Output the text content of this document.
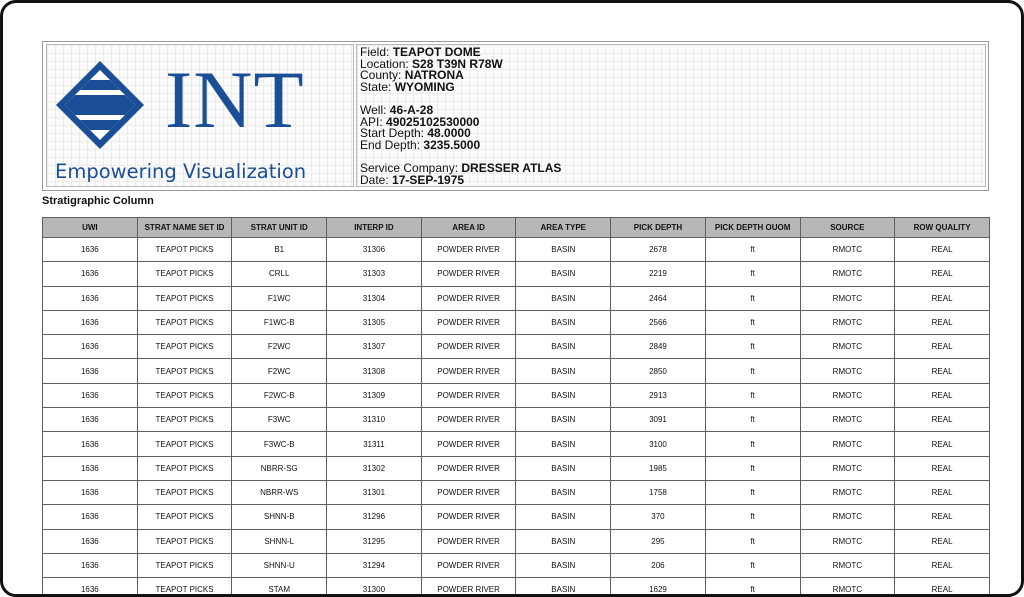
INT
Empowering Visualization
Field: TEAPOT DOME
Location: S28 T39N R78W
County: NATRONA
State: WYOMING
Well: 46-A-28
API: 49025102530000
Start Depth: 48.0000
End Depth: 3235.5000
Service Company: DRESSER ATLAS
Date: 17-SEP-1975
Stratigraphic Column
UWI	STRAT NAME SET ID	STRAT UNIT ID	INTERP ID	AREA ID	AREA TYPE	PICK DEPTH	PICK DEPTH OUOM	SOURCE	ROW QUALITY
1636	TEAPOT PICKS	B1	31306	POWDER RIVER	BASIN	2678	ft	RMOTC	REAL
1636	TEAPOT PICKS	CRLL	31303	POWDER RIVER	BASIN	2219	ft	RMOTC	REAL
1636	TEAPOT PICKS	F1WC	31304	POWDER RIVER	BASIN	2464	ft	RMOTC	REAL
1636	TEAPOT PICKS	F1WC-B	31305	POWDER RIVER	BASIN	2566	ft	RMOTC	REAL
1636	TEAPOT PICKS	F2WC	31307	POWDER RIVER	BASIN	2849	ft	RMOTC	REAL
1636	TEAPOT PICKS	F2WC	31308	POWDER RIVER	BASIN	2850	ft	RMOTC	REAL
1636	TEAPOT PICKS	F2WC-B	31309	POWDER RIVER	BASIN	2913	ft	RMOTC	REAL
1636	TEAPOT PICKS	F3WC	31310	POWDER RIVER	BASIN	3091	ft	RMOTC	REAL
1636	TEAPOT PICKS	F3WC-B	31311	POWDER RIVER	BASIN	3100	ft	RMOTC	REAL
1636	TEAPOT PICKS	NBRR-SG	31302	POWDER RIVER	BASIN	1985	ft	RMOTC	REAL
1636	TEAPOT PICKS	NBRR-WS	31301	POWDER RIVER	BASIN	1758	ft	RMOTC	REAL
1636	TEAPOT PICKS	SHNN-B	31296	POWDER RIVER	BASIN	370	ft	RMOTC	REAL
1636	TEAPOT PICKS	SHNN-L	31295	POWDER RIVER	BASIN	295	ft	RMOTC	REAL
1636	TEAPOT PICKS	SHNN-U	31294	POWDER RIVER	BASIN	206	ft	RMOTC	REAL
1636	TEAPOT PICKS	STAM	31300	POWDER RIVER	BASIN	1629	ft	RMOTC	REAL
